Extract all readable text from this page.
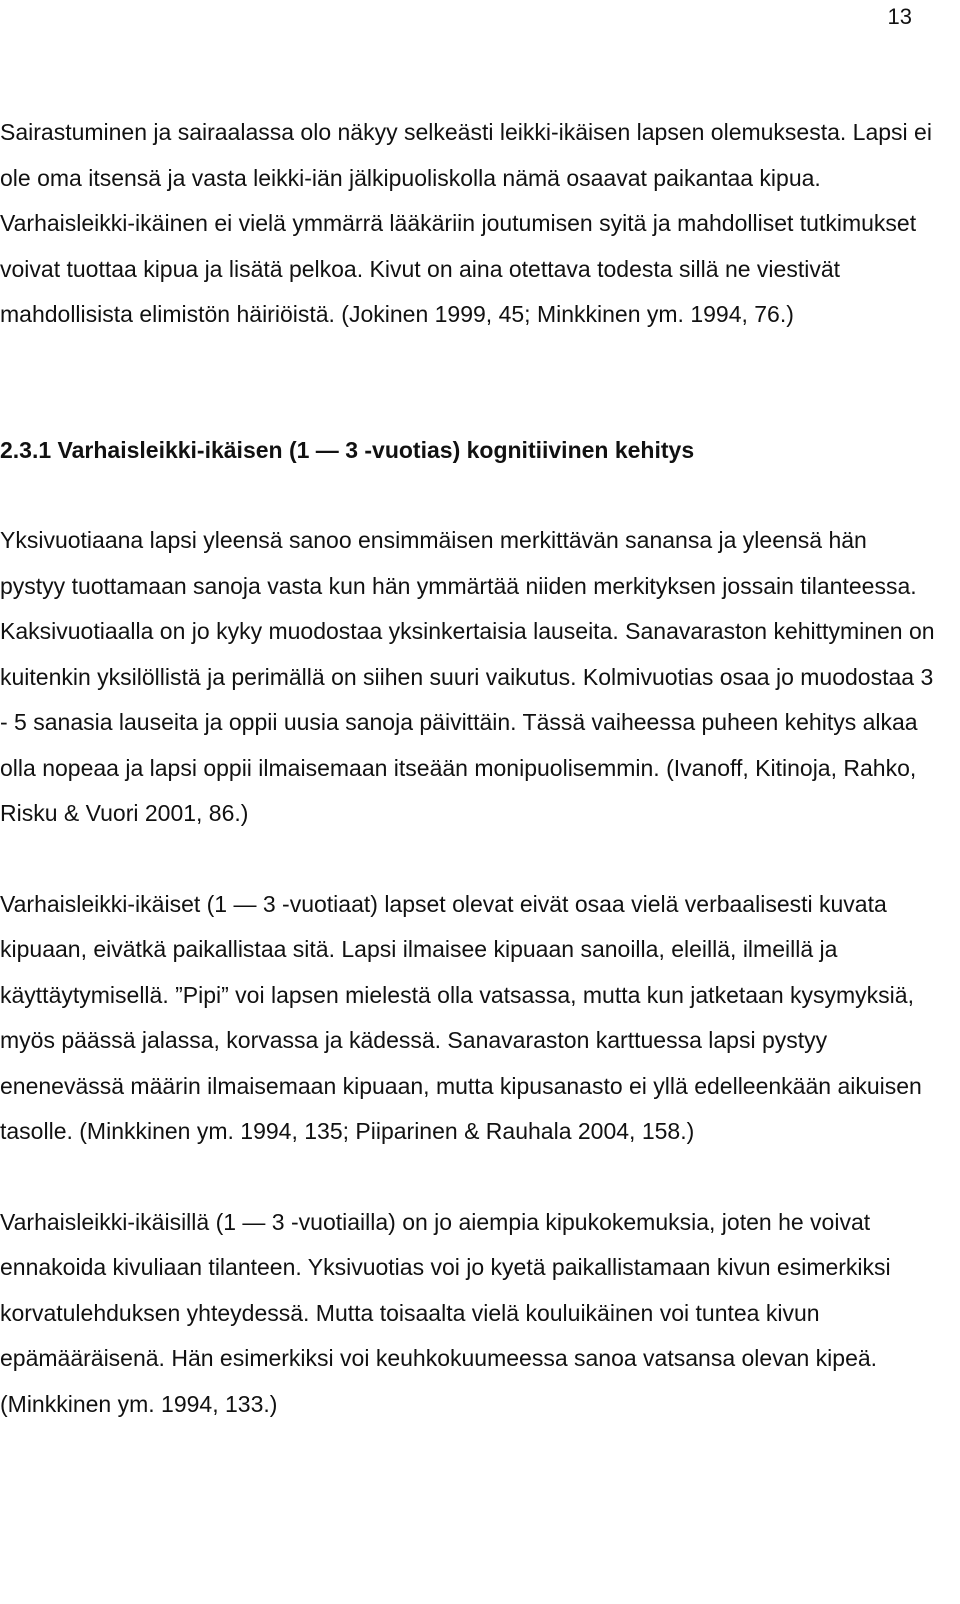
13

Sairastuminen ja sairaalassa olo näkyy selkeästi leikki-ikäisen lapsen olemuksesta. Lapsi ei ole oma itsensä ja vasta leikki-iän jälkipuoliskolla nämä osaavat paikantaa kipua. Varhaisleikki-ikäinen ei vielä ymmärrä lääkäriin joutumisen syitä ja mahdolliset tutkimukset voivat tuottaa kipua ja lisätä pelkoa. Kivut on aina otettava todesta sillä ne viestivät mahdollisista elimistön häiriöistä. (Jokinen 1999, 45; Minkkinen ym. 1994, 76.)

2.3.1 Varhaisleikki-ikäisen (1 — 3 -vuotias) kognitiivinen kehitys

Yksivuotiaana lapsi yleensä sanoo ensimmäisen merkittävän sanansa ja yleensä hän pystyy tuottamaan sanoja vasta kun hän ymmärtää niiden merkityksen jossain tilanteessa. Kaksivuotiaalla on jo kyky muodostaa yksinkertaisia lauseita. Sanavaraston kehittyminen on kuitenkin yksilöllistä ja perimällä on siihen suuri vaikutus. Kolmivuotias osaa jo muodostaa 3 - 5 sanasia lauseita ja oppii uusia sanoja päivittäin. Tässä vaiheessa puheen kehitys alkaa olla nopeaa ja lapsi oppii ilmaisemaan itseään monipuolisemmin. (Ivanoff, Kitinoja, Rahko, Risku & Vuori 2001, 86.)

Varhaisleikki-ikäiset (1 — 3 -vuotiaat) lapset olevat eivät osaa vielä verbaalisesti kuvata kipuaan, eivätkä paikallistaa sitä. Lapsi ilmaisee kipuaan sanoilla, eleillä, ilmeillä ja käyttäytymisellä. ”Pipi” voi lapsen mielestä olla vatsassa, mutta kun jatketaan kysymyksiä, myös päässä jalassa, korvassa ja kädessä. Sanavaraston karttuessa lapsi pystyy enenevässä määrin ilmaisemaan kipuaan, mutta kipusanasto ei yllä edelleenkään aikuisen tasolle. (Minkkinen ym. 1994, 135; Piiparinen & Rauhala 2004, 158.)

Varhaisleikki-ikäisillä (1 — 3 -vuotiailla) on jo aiempia kipukokemuksia, joten he voivat ennakoida kivuliaan tilanteen. Yksivuotias voi jo kyetä paikallistamaan kivun esimerkiksi korvatulehduksen yhteydessä. Mutta toisaalta vielä kouluikäinen voi tuntea kivun epämääräisenä. Hän esimerkiksi voi keuhkokuumeessa sanoa vatsansa olevan kipeä. (Minkkinen ym. 1994, 133.)
